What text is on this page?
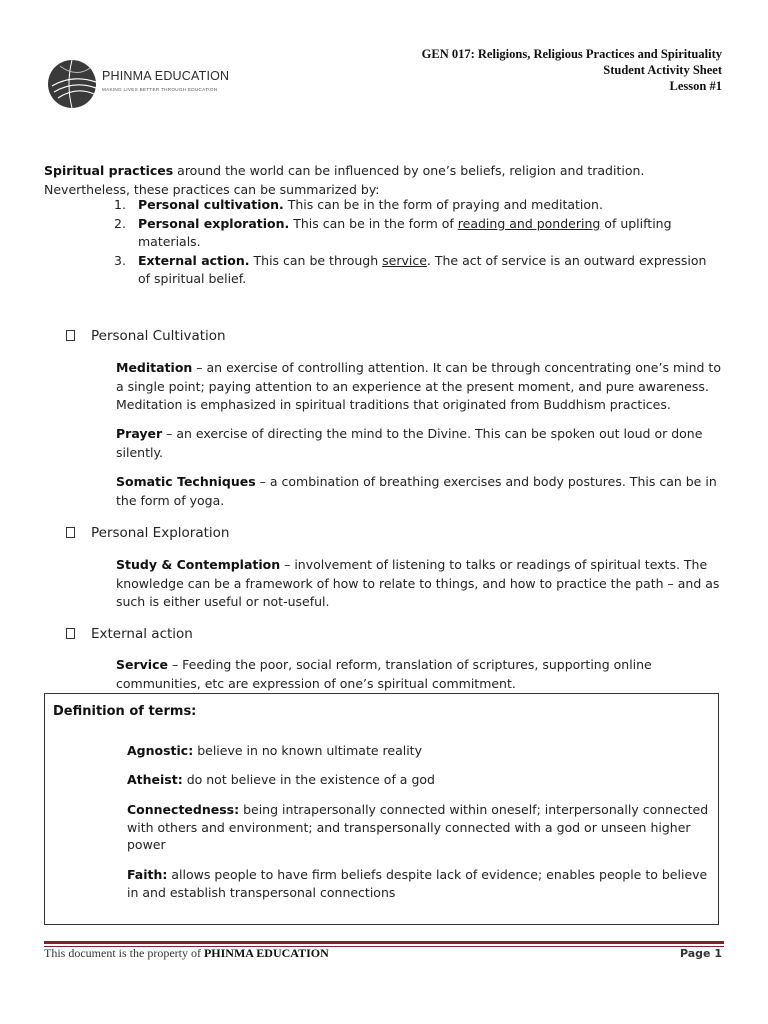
PHINMA EDUCATION
MAKING LIVES BETTER THROUGH EDUCATION
GEN 017: Religions, Religious Practices and Spirituality
Student Activity Sheet
Lesson #1
Spiritual practices around the world can be influenced by one’s beliefs, religion and tradition. Nevertheless, these practices can be summarized by:
1. Personal cultivation. This can be in the form of praying and meditation.
2. Personal exploration. This can be in the form of reading and pondering of uplifting materials.
3. External action. This can be through service. The act of service is an outward expression of spiritual belief.
Personal Cultivation
Meditation – an exercise of controlling attention. It can be through concentrating one’s mind to a single point; paying attention to an experience at the present moment, and pure awareness. Meditation is emphasized in spiritual traditions that originated from Buddhism practices.
Prayer – an exercise of directing the mind to the Divine. This can be spoken out loud or done silently.
Somatic Techniques – a combination of breathing exercises and body postures. This can be in the form of yoga.
Personal Exploration
Study & Contemplation – involvement of listening to talks or readings of spiritual texts. The knowledge can be a framework of how to relate to things, and how to practice the path – and as such is either useful or not-useful.
External action
Service – Feeding the poor, social reform, translation of scriptures, supporting online communities, etc are expression of one’s spiritual commitment.
Definition of terms:
Agnostic: believe in no known ultimate reality
Atheist: do not believe in the existence of a god
Connectedness: being intrapersonally connected within oneself; interpersonally connected with others and environment; and transpersonally connected with a god or unseen higher power
Faith: allows people to have firm beliefs despite lack of evidence; enables people to believe in and establish transpersonal connections
This document is the property of PHINMA EDUCATION	Page 1
